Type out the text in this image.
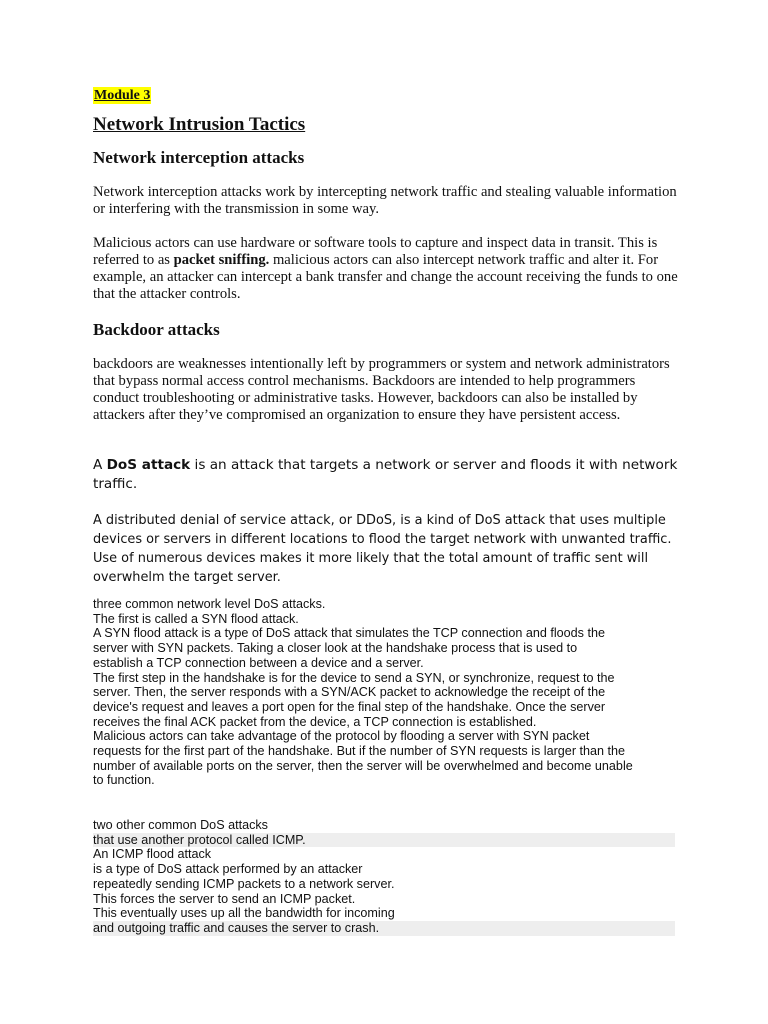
Module 3
Network Intrusion Tactics
Network interception attacks

Network interception attacks work by intercepting network traffic and stealing valuable information or interfering with the transmission in some way.

Malicious actors can use hardware or software tools to capture and inspect data in transit. This is referred to as packet sniffing. malicious actors can also intercept network traffic and alter it. For example, an attacker can intercept a bank transfer and change the account receiving the funds to one that the attacker controls.

Backdoor attacks

backdoors are weaknesses intentionally left by programmers or system and network administrators that bypass normal access control mechanisms. Backdoors are intended to help programmers conduct troubleshooting or administrative tasks. However, backdoors can also be installed by attackers after they’ve compromised an organization to ensure they have persistent access.

A DoS attack is an attack that targets a network or server and floods it with network traffic.

A distributed denial of service attack, or DDoS, is a kind of DoS attack that uses multiple devices or servers in different locations to flood the target network with unwanted traffic. Use of numerous devices makes it more likely that the total amount of traffic sent will overwhelm the target server.

three common network level DoS attacks.
The first is called a SYN flood attack.
A SYN flood attack is a type of DoS attack that simulates the TCP connection and floods the
server with SYN packets. Taking a closer look at the handshake process that is used to
establish a TCP connection between a device and a server.
The first step in the handshake is for the device to send a SYN, or synchronize, request to the
server. Then, the server responds with a SYN/ACK packet to acknowledge the receipt of the
device's request and leaves a port open for the final step of the handshake. Once the server
receives the final ACK packet from the device, a TCP connection is established.
Malicious actors can take advantage of the protocol by flooding a server with SYN packet
requests for the first part of the handshake. But if the number of SYN requests is larger than the
number of available ports on the server, then the server will be overwhelmed and become unable
to function.
two other common DoS attacks
that use another protocol called ICMP.
An ICMP flood attack
is a type of DoS attack performed by an attacker
repeatedly sending ICMP packets to a network server.
This forces the server to send an ICMP packet.
This eventually uses up all the bandwidth for incoming
and outgoing traffic and causes the server to crash.
